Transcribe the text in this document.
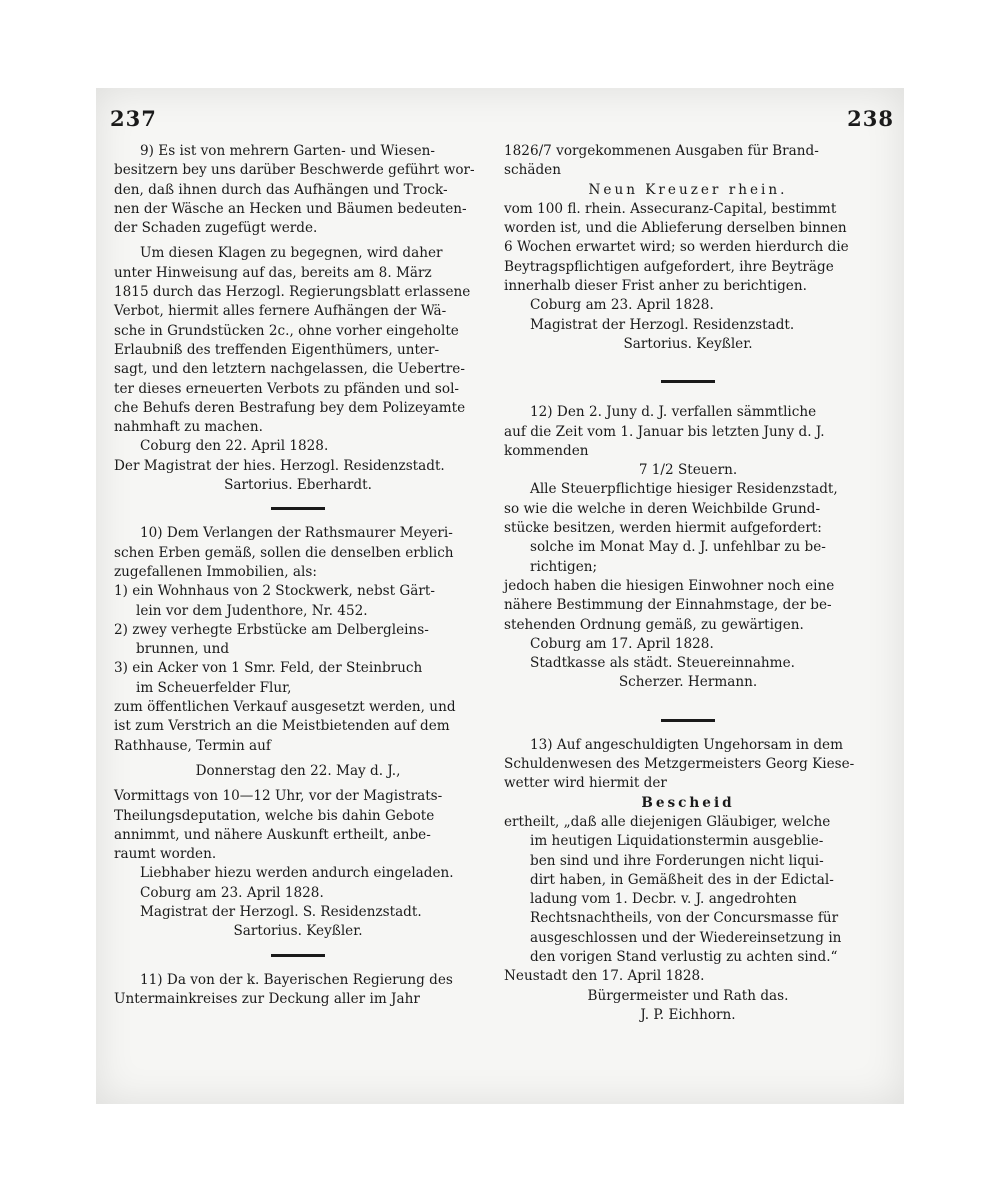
237	238

9) Es ist von mehrern Garten- und Wiesen-

besitzern bey uns darüber Beschwerde geführt wor-

den, daß ihnen durch das Aufhängen und Trock-

nen der Wäsche an Hecken und Bäumen bedeuten-

der Schaden zugefügt werde.

Um diesen Klagen zu begegnen, wird daher

unter Hinweisung auf das, bereits am 8. März

1815 durch das Herzogl. Regierungsblatt erlassene

Verbot, hiermit alles fernere Aufhängen der Wä-

sche in Grundstücken 2c., ohne vorher eingeholte

Erlaubniß des treffenden Eigenthümers, unter-

sagt, und den letztern nachgelassen, die Uebertre-

ter dieses erneuerten Verbots zu pfänden und sol-

che Behufs deren Bestrafung bey dem Polizeyamte

nahmhaft zu machen.

Coburg den 22. April 1828.

Der Magistrat der hies. Herzogl. Residenzstadt.

Sartorius. Eberhardt.

10) Dem Verlangen der Rathsmaurer Meyeri-

schen Erben gemäß, sollen die denselben erblich

zugefallenen Immobilien, als:

1) ein Wohnhaus von 2 Stockwerk, nebst Gärt-
lein vor dem Judenthore, Nr. 452.

2) zwey verhegte Erbstücke am Delbergleins-
brunnen, und

3) ein Acker von 1 Smr. Feld, der Steinbruch
im Scheuerfelder Flur,

zum öffentlichen Verkauf ausgesetzt werden, und

ist zum Verstrich an die Meistbietenden auf dem

Rathhause, Termin auf

Donnerstag den 22. May d. J.,

Vormittags von 10—12 Uhr, vor der Magistrats-

Theilungsdeputation, welche bis dahin Gebote

annimmt, und nähere Auskunft ertheilt, anbe-

raumt worden.

Liebhaber hiezu werden andurch eingeladen.

Coburg am 23. April 1828.

Magistrat der Herzogl. S. Residenzstadt.

Sartorius. Keyßler.

11) Da von der k. Bayerischen Regierung des

Untermainkreises zur Deckung aller im Jahr

1826/7 vorgekommenen Ausgaben für Brand-

schäden

Neun Kreuzer rhein.

vom 100 fl. rhein. Assecuranz-Capital, bestimmt

worden ist, und die Ablieferung derselben binnen

6 Wochen erwartet wird; so werden hierdurch die

Beytragspflichtigen aufgefordert, ihre Beyträge

innerhalb dieser Frist anher zu berichtigen.

Coburg am 23. April 1828.

Magistrat der Herzogl. Residenzstadt.

Sartorius. Keyßler.

12) Den 2. Juny d. J. verfallen sämmtliche

auf die Zeit vom 1. Januar bis letzten Juny d. J.

kommenden

7 1/2 Steuern.

Alle Steuerpflichtige hiesiger Residenzstadt,

so wie die welche in deren Weichbilde Grund-

stücke besitzen, werden hiermit aufgefordert:

solche im Monat May d. J. unfehlbar zu be-

richtigen;

jedoch haben die hiesigen Einwohner noch eine

nähere Bestimmung der Einnahmstage, der be-

stehenden Ordnung gemäß, zu gewärtigen.

Coburg am 17. April 1828.

Stadtkasse als städt. Steuereinnahme.

Scherzer. Hermann.

13) Auf angeschuldigten Ungehorsam in dem

Schuldenwesen des Metzgermeisters Georg Kiese-

wetter wird hiermit der

Bescheid

ertheilt, „daß alle diejenigen Gläubiger, welche

im heutigen Liquidationstermin ausgeblie-

ben sind und ihre Forderungen nicht liqui-

dirt haben, in Gemäßheit des in der Edictal-

ladung vom 1. Decbr. v. J. angedrohten

Rechtsnachtheils, von der Concursmasse für

ausgeschlossen und der Wiedereinsetzung in

den vorigen Stand verlustig zu achten sind.“

Neustadt den 17. April 1828.

Bürgermeister und Rath das.

J. P. Eichhorn.
